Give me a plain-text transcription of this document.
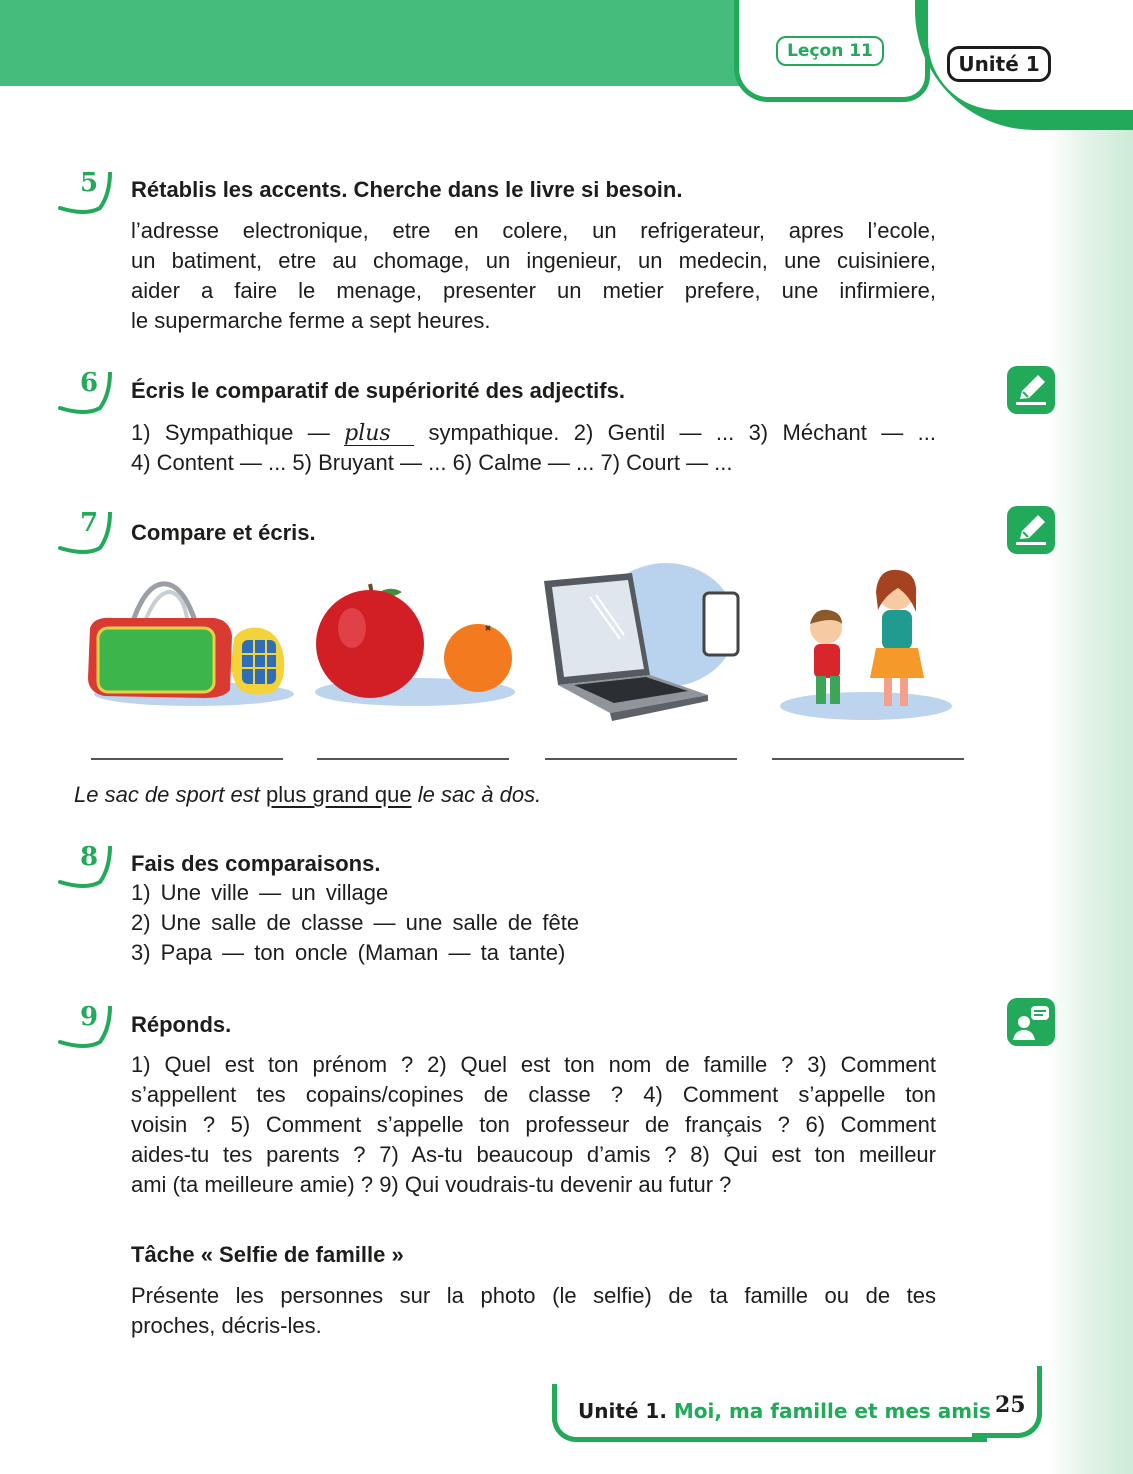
Leçon 11
Unité 1
5	Rétablis les accents. Cherche dans le livre si besoin.
l’adresse electronique, etre en colere, un refrigerateur, apres l’ecole,
un batiment, etre au chomage, un ingenieur, un medecin, une cuisiniere,
aider a faire le menage, presenter un metier prefere, une infirmiere,
le supermarche ferme a sept heures.
6	Écris le comparatif de supériorité des adjectifs.
1) Sympathique — plus sympathique. 2) Gentil — ... 3) Méchant — ...
4) Content — ... 5) Bruyant — ... 6) Calme — ... 7) Court — ...
7	Compare et écris.
Le sac de sport est plus grand que le sac à dos.
8	Fais des comparaisons.
1) Une ville — un village
2) Une salle de classe — une salle de fête
3) Papa — ton oncle (Maman — ta tante)
9	Réponds.
1) Quel est ton prénom ? 2) Quel est ton nom de famille ? 3) Comment
s’appellent tes copains/copines de classe ? 4) Comment s’appelle ton
voisin ? 5) Comment s’appelle ton professeur de français ? 6) Comment
aides-tu tes parents ? 7) As-tu beaucoup d’amis ? 8) Qui est ton meilleur
ami (ta meilleure amie) ? 9) Qui voudrais-tu devenir au futur ?
Tâche « Selfie de famille »
Présente les personnes sur la photo (le selfie) de ta famille ou de tes
proches, décris-les.
Unité 1. Moi, ma famille et mes amis 25
